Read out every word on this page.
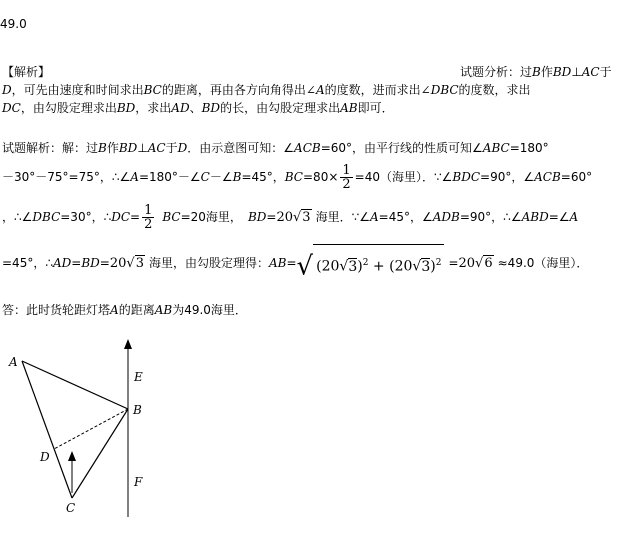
49.0
【解析】	试题分析：过B作BD⊥AC于
D，可先由速度和时间求出BC的距离，再由各方向角得出∠A的度数，进而求出∠DBC的度数，求出
DC，由勾股定理求出BD，求出AD、BD的长，由勾股定理求出AB即可．
试题解析：解：过B作BD⊥AC于D．由示意图可知：∠ACB=60°，由平行线的性质可知∠ABC=180°
－30°－75°=75°，∴∠A=180°－∠C－∠B=45°，$BC=80\times \frac{1}{2} =40$（海里）．∵∠BDC=90°，∠ACB=60°
，∴∠DBC=30°，∴DC= $\frac{1}{2} BC=20$海里， BD=20√3 海里．∵∠A=45°，∠ADB=90°，∴∠ABD=∠A
=45°，∴AD=BD=20√3 海里，由勾股定理得：AB=√ $(20√3)^2 + (20√3)^2 =20√6 \approx 49.0$（海里）．
答：此时货轮距灯塔A的距离AB为49.0海里．
A
B
C
D
E
F
